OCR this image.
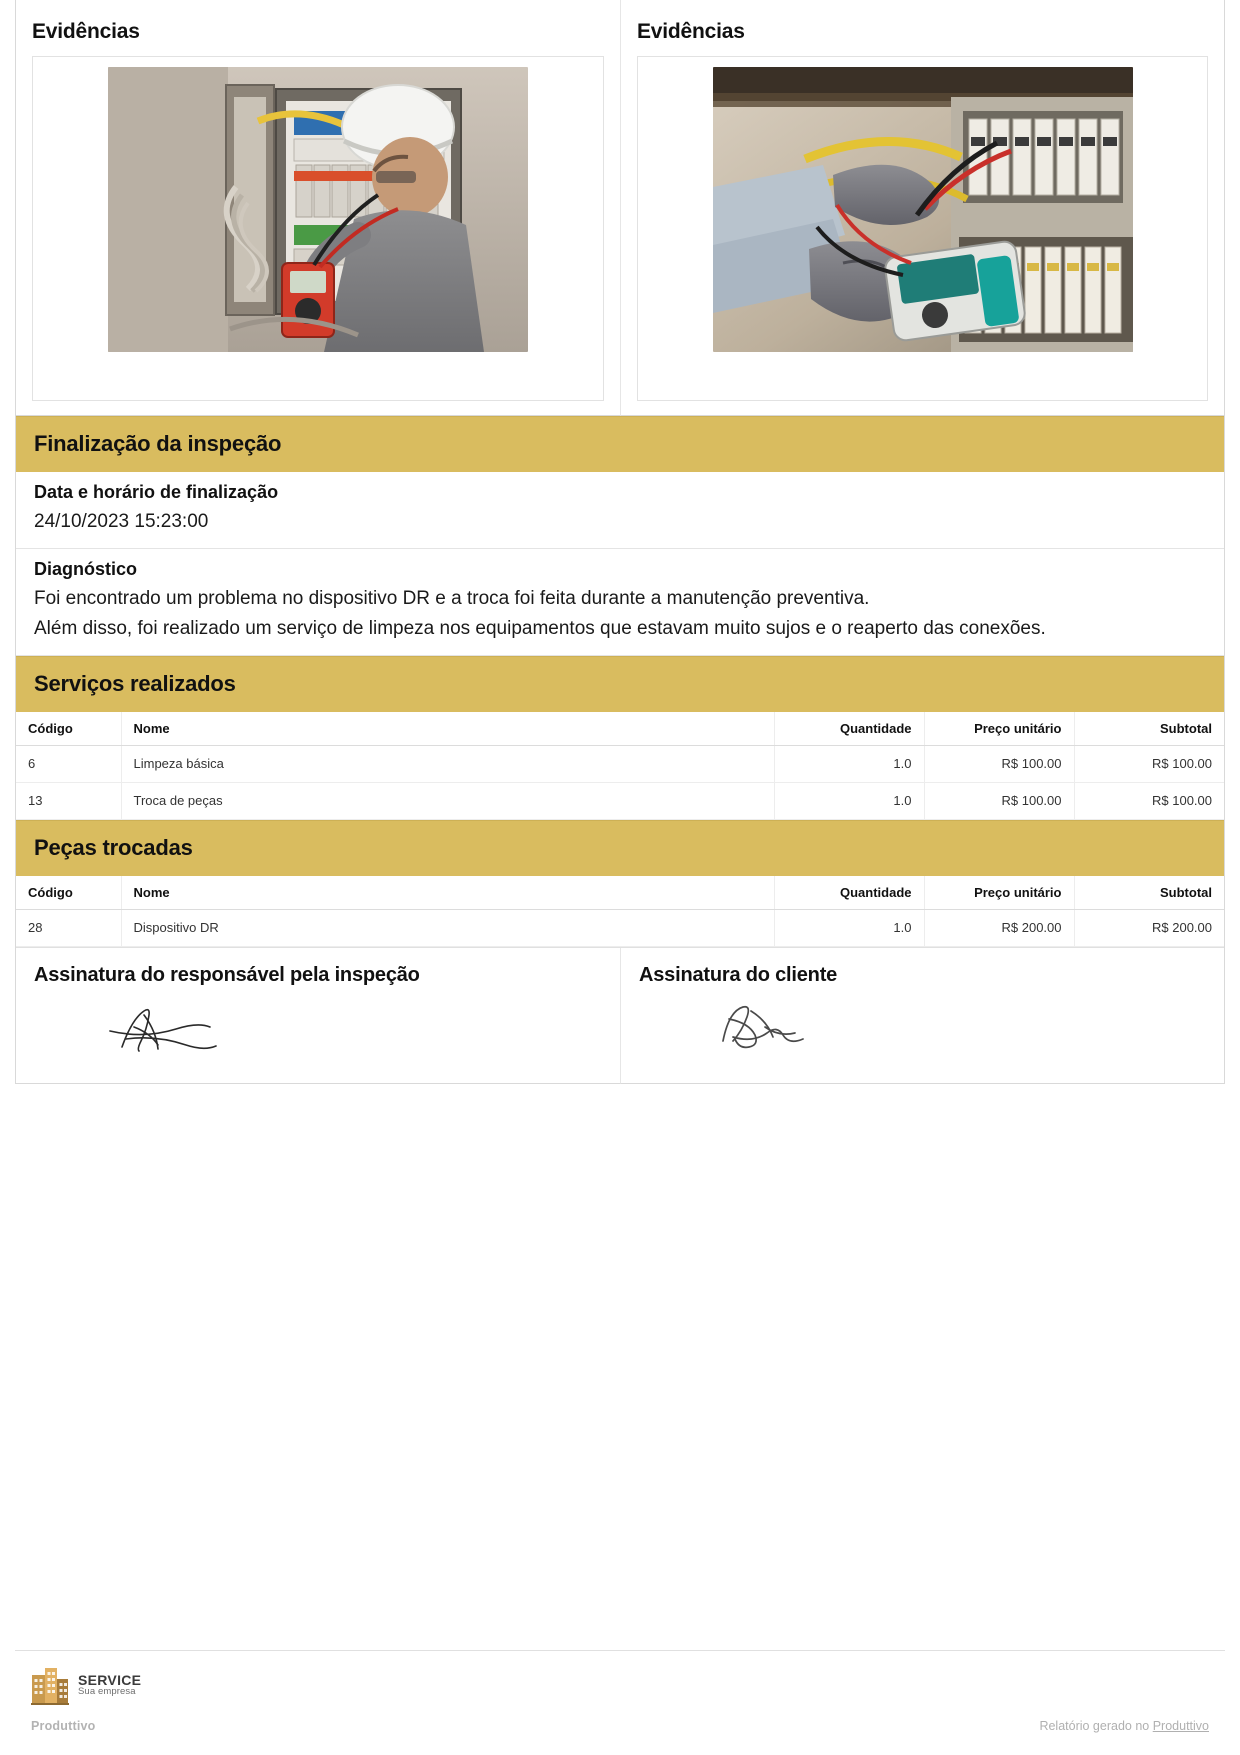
Evidências	Evidências
Finalização da inspeção
Data e horário de finalização
24/10/2023 15:23:00
Diagnóstico

Foi encontrado um problema no dispositivo DR e a troca foi feita durante a manutenção preventiva.

Além disso, foi realizado um serviço de limpeza nos equipamentos que estavam muito sujos e o reaperto das conexões.

Serviços realizados
Código	Nome	Quantidade	Preço unitário	Subtotal
6	Limpeza básica	1.0	R$ 100.00	R$ 100.00
13	Troca de peças	1.0	R$ 100.00	R$ 100.00
Peças trocadas
Código	Nome	Quantidade	Preço unitário	Subtotal
28	Dispositivo DR	1.0	R$ 200.00	R$ 200.00
Assinatura do responsável pela inspeção	Assinatura do cliente
SERVICE
Sua empresa
Produttivo	Relatório gerado no Produttivo
